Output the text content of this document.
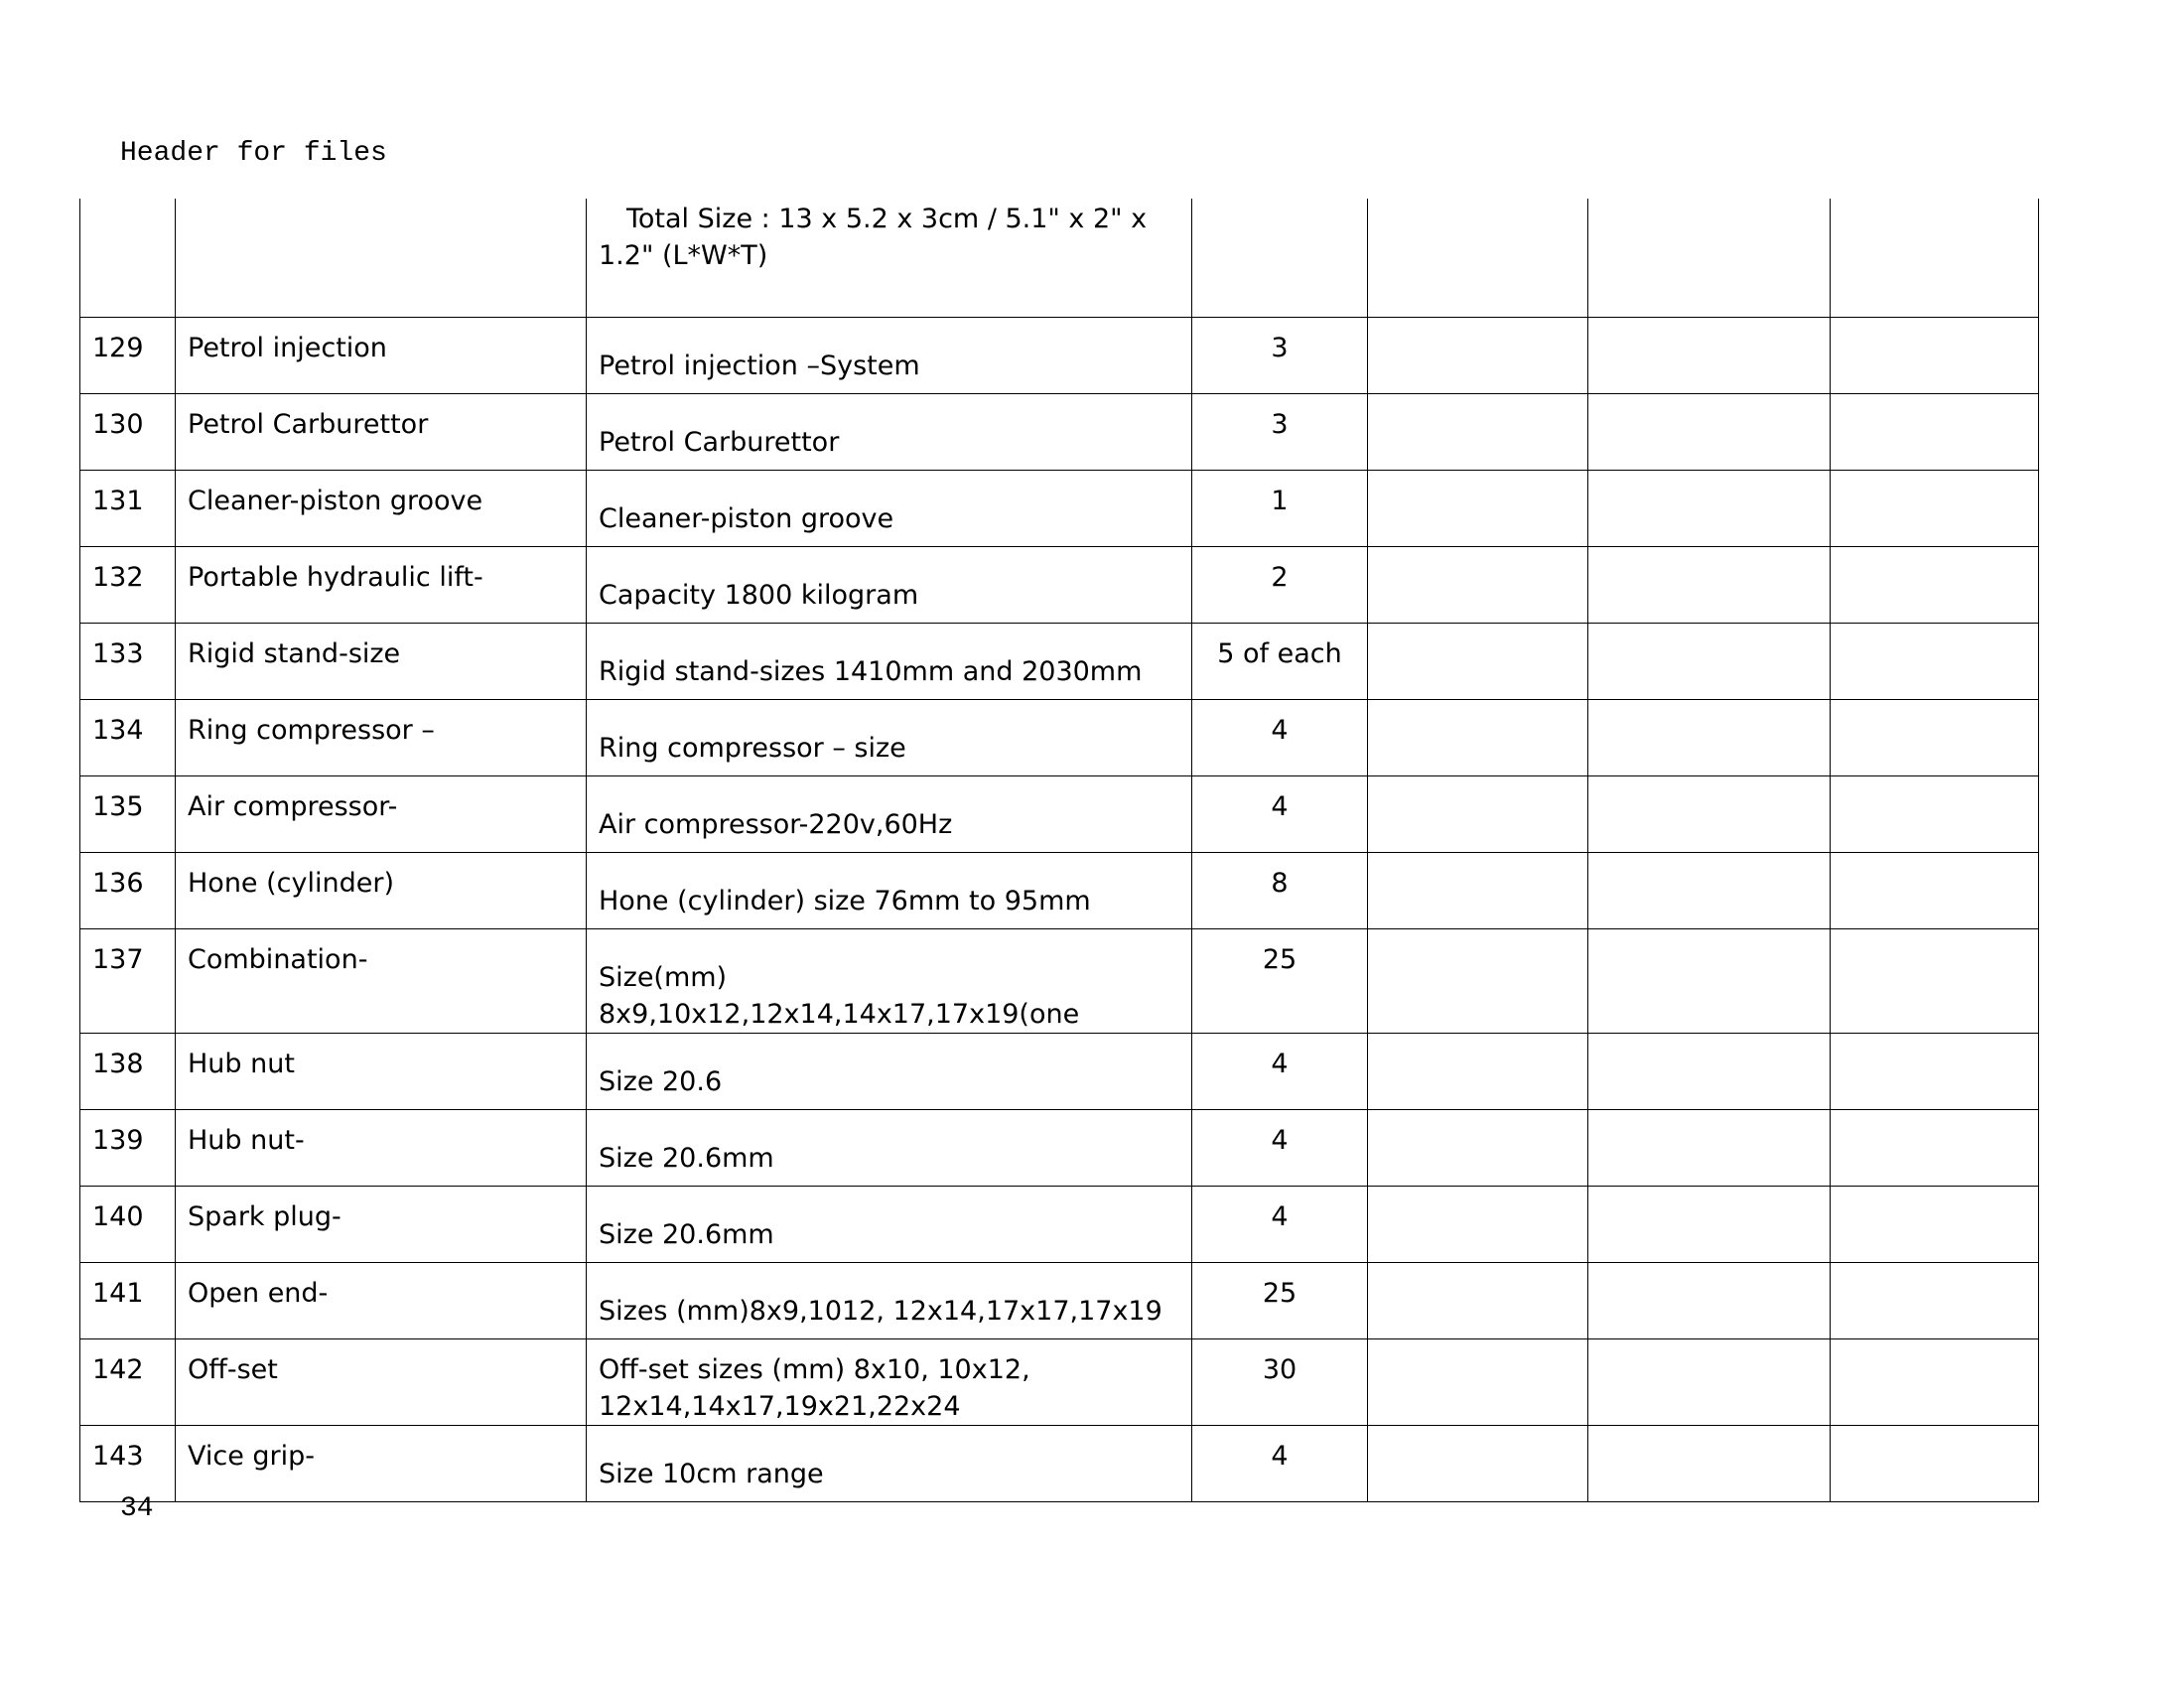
Header for files

		Total Size : 13 x 5.2 x 3cm / 5.1" x 2" x 1.2" (L*W*T)				

129	Petrol injection	Petrol injection –System	3			

130	Petrol Carburettor	Petrol Carburettor	3			

131	Cleaner-piston groove	Cleaner-piston groove	1			

132	Portable hydraulic lift-	Capacity 1800 kilogram	2			

133	Rigid stand-size	Rigid stand-sizes 1410mm and 2030mm	5 of each			

134	Ring compressor –	Ring compressor – size	4			

135	Air compressor-	Air compressor-220v,60Hz	4			

136	Hone (cylinder)	Hone (cylinder) size 76mm to 95mm	8			

137	Combination-	Size(mm) 8x9,10x12,12x14,14x17,17x19(one	25			

138	Hub nut	Size 20.6	4			

139	Hub nut-	Size 20.6mm	4			

140	Spark plug-	Size 20.6mm	4			

141	Open end-	Sizes (mm)8x9,1012, 12x14,17x17,17x19	25			

142	Off-set	Off-set sizes (mm) 8x10, 10x12, 12x14,14x17,19x21,22x24	30			

143	Vice grip-	Size 10cm range	4			

34
